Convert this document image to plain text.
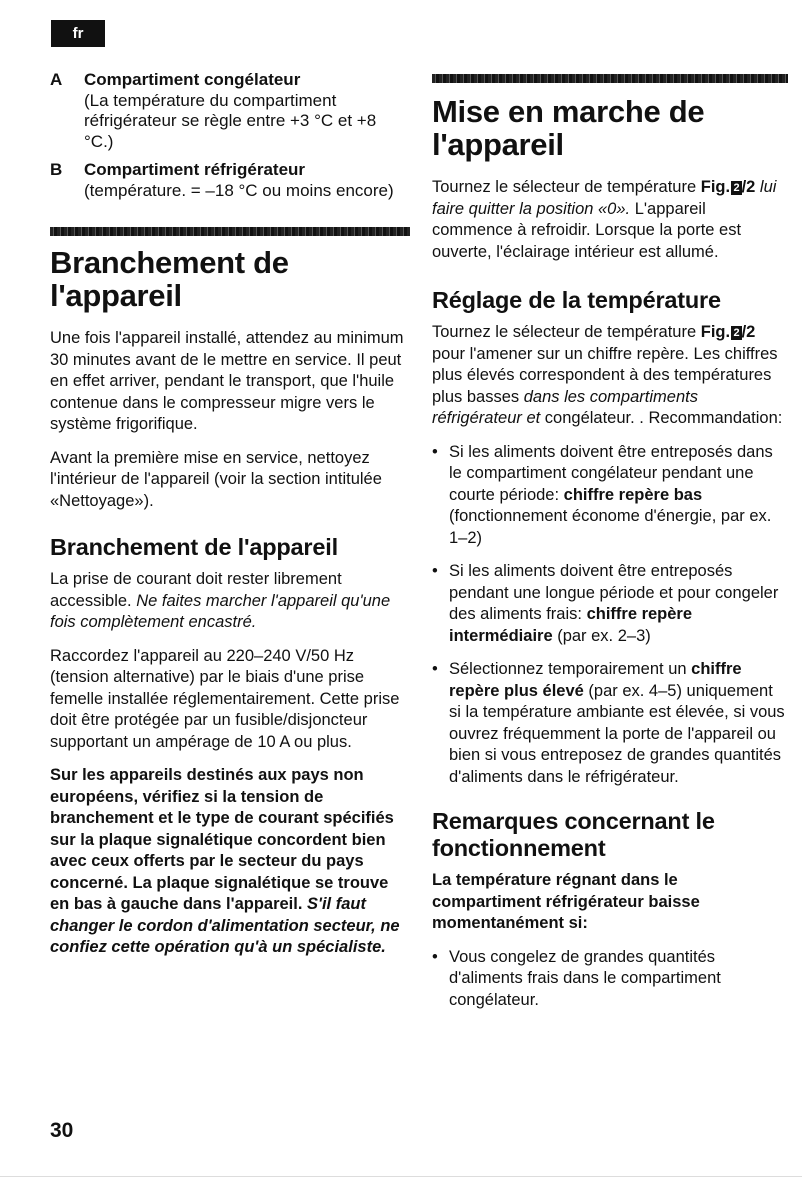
fr
A	Compartiment congélateur
(La température du compartiment réfrigérateur se règle entre +3 °C et +8 °C.)
B	Compartiment réfrigérateur
(température. = –18 °C ou moins encore)
Branchement de l'appareil

Une fois l'appareil installé, attendez au minimum 30 minutes avant de le mettre en service. Il peut en effet arriver, pendant le transport, que l'huile contenue dans le compresseur migre vers le système frigorifique.

Avant la première mise en service, nettoyez l'intérieur de l'appareil (voir la section intitulée «Nettoyage»).

Branchement de l'appareil

La prise de courant doit rester librement accessible. Ne faites marcher l'appareil qu'une fois complètement encastré.

Raccordez l'appareil au 220–240 V/50 Hz (tension alternative) par le biais d'une prise femelle installée réglementairement. Cette prise doit être protégée par un fusible/disjoncteur supportant un ampérage de 10 A ou plus.

Sur les appareils destinés aux pays non européens, vérifiez si la tension de branchement et le type de courant spécifiés sur la plaque signalétique concordent bien avec ceux offerts par le secteur du pays concerné. La plaque signalétique se trouve en bas à gauche dans l'appareil. S'il faut changer le cordon d'alimentation secteur, ne confiez cette opération qu'à un spécialiste.

Mise en marche de l'appareil

Tournez le sélecteur de température Fig.  2 /2 lui faire quitter la position «0». L'appareil commence à refroidir. Lorsque la porte est ouverte, l'éclairage intérieur est allumé.

Réglage de la température

Tournez le sélecteur de température Fig.  2 /2 pour l'amener sur un chiffre repère. Les chiffres plus élevés correspondent à des températures plus basses dans les compartiments réfrigérateur et congélateur. . Recommandation:

• Si les aliments doivent être entreposés dans le compartiment congélateur pendant une courte période: chiffre repère bas (fonctionnement économe d'énergie, par ex. 1–2)
• Si les aliments doivent être entreposés pendant une longue période et pour congeler des aliments frais: chiffre repère intermédiaire (par ex. 2–3)
• Sélectionnez temporairement un chiffre repère plus élevé (par ex. 4–5) uniquement si la température ambiante est élevée, si vous ouvrez fréquemment la porte de l'appareil ou bien si vous entreposez de grandes quantités d'aliments dans le réfrigérateur.
Remarques concernant le fonctionnement

La température régnant dans le compartiment réfrigérateur baisse momentanément si:

• Vous congelez de grandes quantités d'aliments frais dans le compartiment congélateur.
30
